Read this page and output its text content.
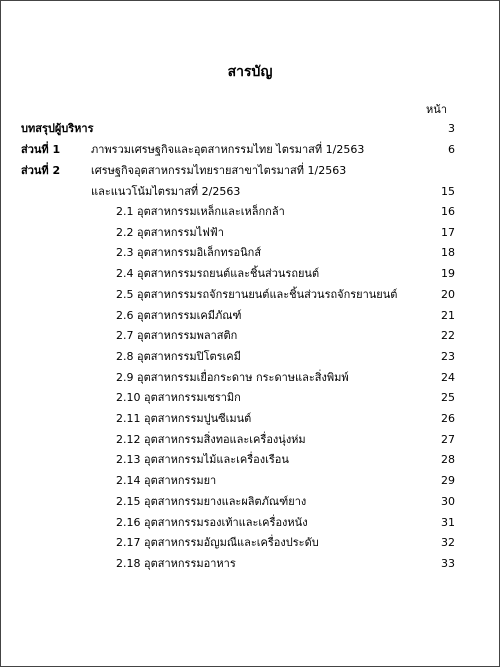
สารบัญ
หน้า
บทสรุปผู้บริหาร	3
ส่วนที่ 1	ภาพรวมเศรษฐกิจและอุตสาหกรรมไทย ไตรมาสที่ 1/2563	6
ส่วนที่ 2	เศรษฐกิจอุตสาหกรรมไทยรายสาขาไตรมาสที่ 1/2563
และแนวโน้มไตรมาสที่ 2/2563	15
2.1 อุตสาหกรรมเหล็กและเหล็กกล้า	16
2.2 อุตสาหกรรมไฟฟ้า	17
2.3 อุตสาหกรรมอิเล็กทรอนิกส์	18
2.4 อุตสาหกรรมรถยนต์และชิ้นส่วนรถยนต์	19
2.5 อุตสาหกรรมรถจักรยานยนต์และชิ้นส่วนรถจักรยานยนต์	20
2.6 อุตสาหกรรมเคมีภัณฑ์	21
2.7 อุตสาหกรรมพลาสติก	22
2.8 อุตสาหกรรมปิโตรเคมี	23
2.9 อุตสาหกรรมเยื่อกระดาษ กระดาษและสิ่งพิมพ์	24
2.10 อุตสาหกรรมเซรามิก	25
2.11 อุตสาหกรรมปูนซีเมนต์	26
2.12 อุตสาหกรรมสิ่งทอและเครื่องนุ่งห่ม	27
2.13 อุตสาหกรรมไม้และเครื่องเรือน	28
2.14 อุตสาหกรรมยา	29
2.15 อุตสาหกรรมยางและผลิตภัณฑ์ยาง	30
2.16 อุตสาหกรรมรองเท้าและเครื่องหนัง	31
2.17 อุตสาหกรรมอัญมณีและเครื่องประดับ	32
2.18 อุตสาหกรรมอาหาร	33
